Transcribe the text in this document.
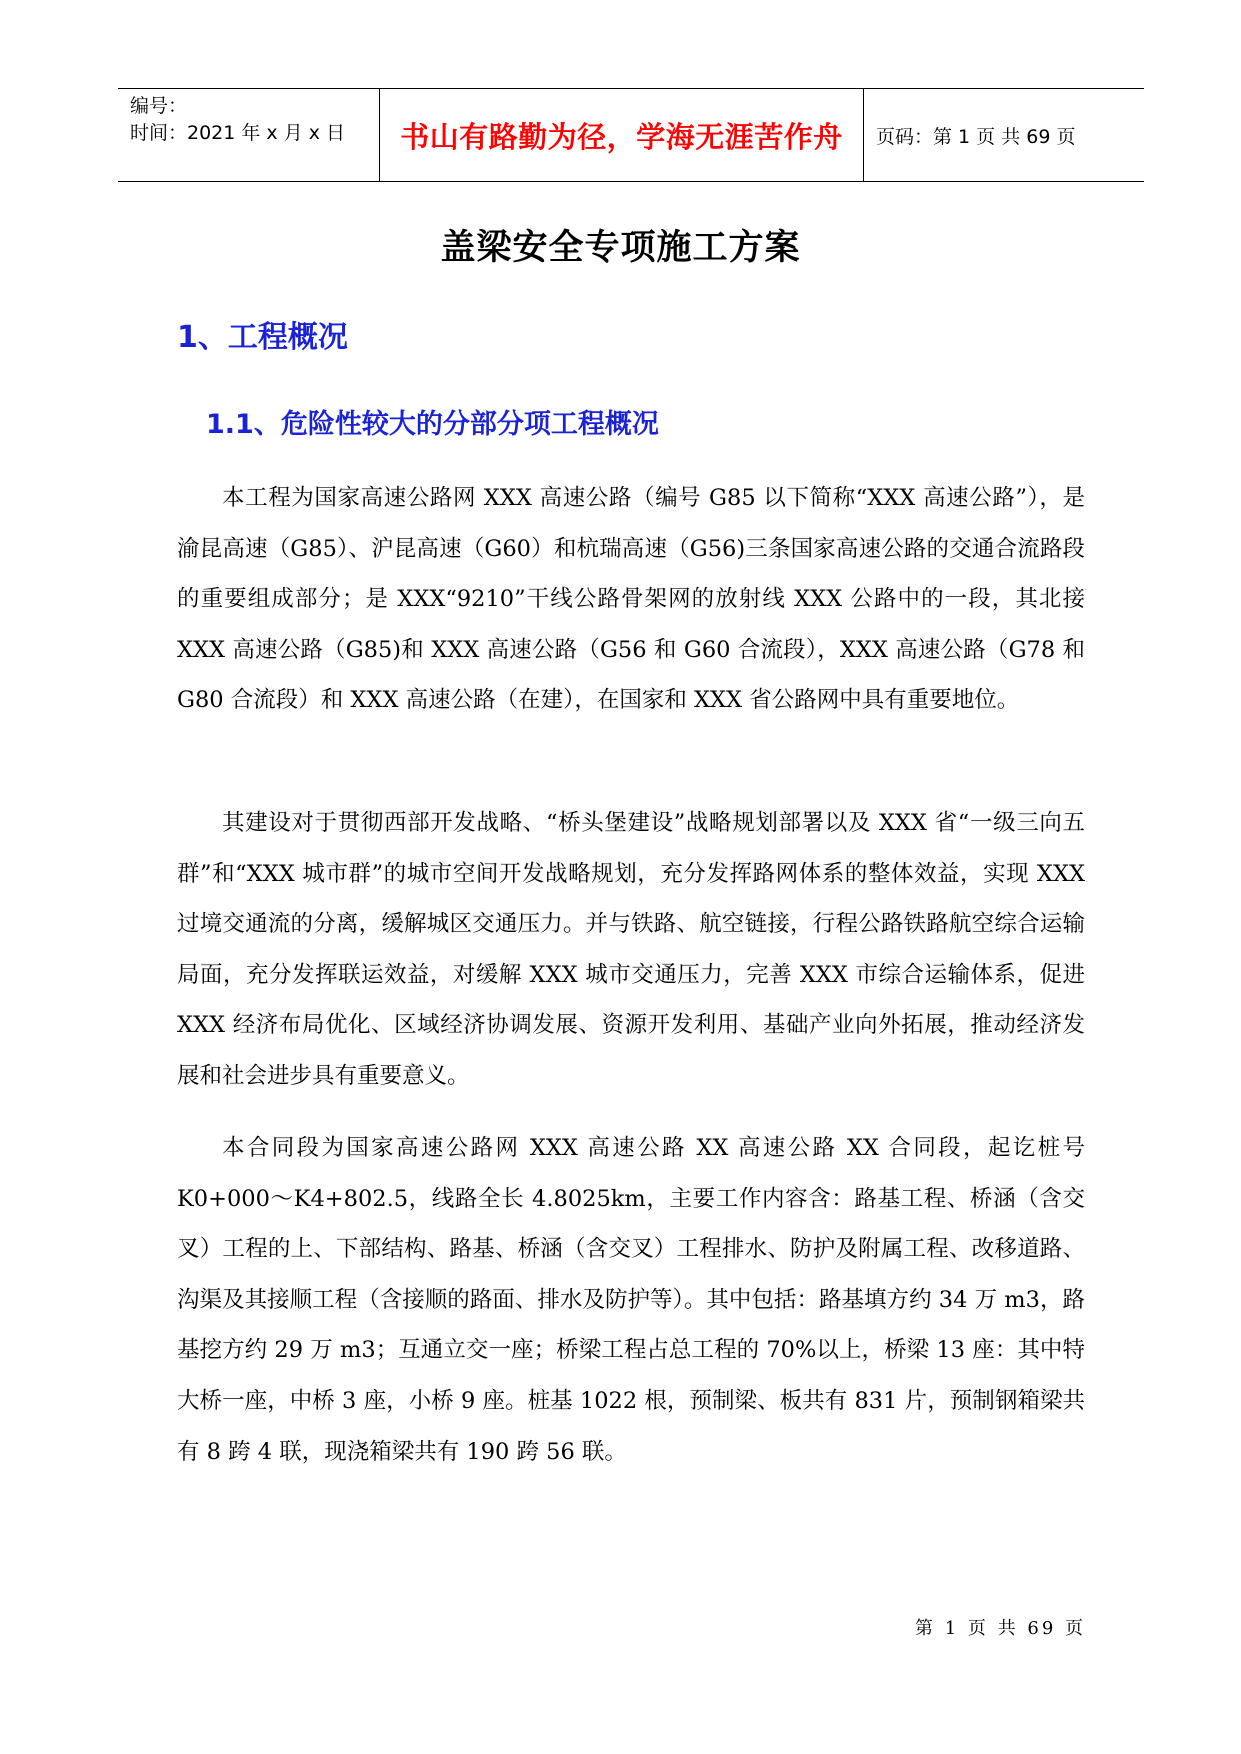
编号：
时间：2021 年 x 月 x 日	书山有路勤为径，学海无涯苦作舟	页码：第 1 页 共 69 页
盖梁安全专项施工方案
1、工程概况
1.1、危险性较大的分部分项工程概况

本工程为国家高速公路网 XXX 高速公路（编号 G85 以下简称“XXX 高速公路”），是渝昆高速（G85）、沪昆高速（G60）和杭瑞高速（G56)三条国家高速公路的交通合流路段的重要组成部分；是 XXX“9210”干线公路骨架网的放射线 XXX 公路中的一段，其北接 XXX 高速公路（G85)和 XXX 高速公路（G56 和 G60 合流段），XXX 高速公路（G78 和 G80 合流段）和 XXX 高速公路（在建），在国家和 XXX 省公路网中具有重要地位。

其建设对于贯彻西部开发战略、“桥头堡建设”战略规划部署以及 XXX 省“一级三向五群”和“XXX 城市群”的城市空间开发战略规划，充分发挥路网体系的整体效益，实现 XXX 过境交通流的分离，缓解城区交通压力。并与铁路、航空链接，行程公路铁路航空综合运输局面，充分发挥联运效益，对缓解 XXX 城市交通压力，完善 XXX 市综合运输体系，促进 XXX 经济布局优化、区域经济协调发展、资源开发利用、基础产业向外拓展，推动经济发展和社会进步具有重要意义。

本合同段为国家高速公路网 XXX 高速公路 XX 高速公路 XX 合同段，起讫桩号 K0+000～K4+802.5，线路全长 4.8025km，主要工作内容含：路基工程、桥涵（含交叉）工程的上、下部结构、路基、桥涵（含交叉）工程排水、防护及附属工程、改移道路、沟渠及其接顺工程（含接顺的路面、排水及防护等）。其中包括：路基填方约 34 万 m3，路基挖方约 29 万 m3；互通立交一座；桥梁工程占总工程的 70%以上，桥梁 13 座：其中特大桥一座，中桥 3 座，小桥 9 座。桩基 1022 根，预制梁、板共有 831 片，预制钢箱梁共有 8 跨 4 联，现浇箱梁共有 190 跨 56 联。

第 1 页 共 69 页
